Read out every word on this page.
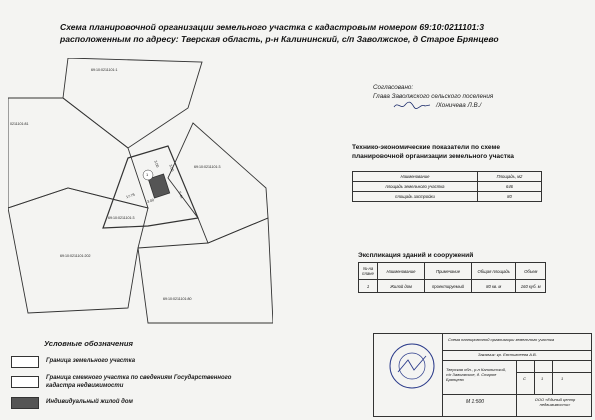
Схема планировочной организации земельного участка с кадастровым номером 69:10:0211101:3
расположенным по адресу: Тверская область, р-н Калининский, с/п Заволжское, д Старое Брянцево
69:10:0211101:1
0211101:81
69:10:0211101:3
69:10:0211101:3
69:10:0211101:202
69:10:0211101:80
17.75
3.00
3.00
5.44
3.00
1
Согласовано:
Глава Заволжского сельского поселения
/Хоничева Л.В./
Технико-экономические показатели по схеме планировочной организации земельного участка
Наименование	Площадь, м2
площадь земельного участка	646
площадь застройки	80
Экспликация зданий и сооружений
№ на плане	Наименование	Примечание	Общая площадь	Объем
1	Жилой дом	проектируемый	80 кв. м	160 куб. м
Условные обозначения
Граница земельного участка
Граница смежного участка по сведениям Государственного кадастра недвижимости
Индивидуальный жилой дом
Схема планировочной организации земельного участка
Заказчик: кр. Евстигнеева А.В.
Тверская обл., р-н Калининский, с/п Заволжское, д. Старое Брянцево	С	1	1
М 1:500	ООО «Единый центр недвижимости»
